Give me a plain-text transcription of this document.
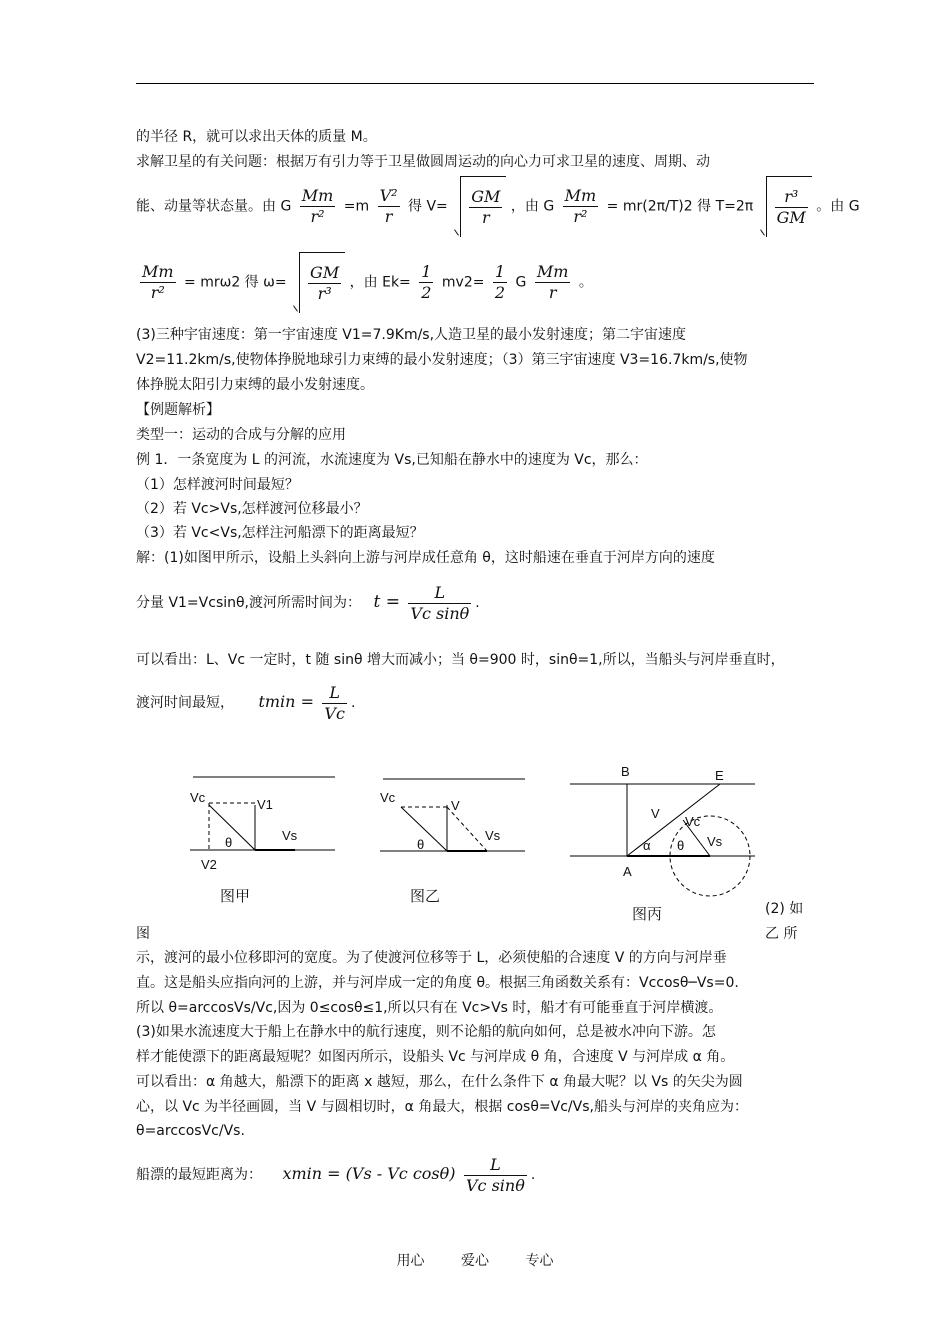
的半径 R，就可以求出天体的质量 M。
求解卫星的有关问题：根据万有引力等于卫星做圆周运动的向心力可求卫星的速度、周期、动
能、动量等状态量。由 G $\frac{Mm}{\text{r²}} =m \frac{\text{V²}}{r}$ 得 $V= \frac{GM}{r}$ ，由 G $\frac{Mm}{\text{r²}} = mr(2\pi/T)2$ 得 $T=2\pi \frac{\text{r³}}{GM}$ 。由 G
$\frac{Mm}{\text{r²}} = mr\omega 2$ 得 $\omega= \frac{GM}{\text{r³}}$ ，由 $Ek= \frac{1}{2} mv2= \frac{1}{2}$ G $\frac{Mm}{r}$ 。
(3)三种宇宙速度：第一宇宙速度 V1=7.9Km/s,人造卫星的最小发射速度；第二宇宙速度
V2=11.2km/s,使物体挣脱地球引力束缚的最小发射速度；（3）第三宇宙速度 V3=16.7km/s,使物
体挣脱太阳引力束缚的最小发射速度。
【例题解析】
类型一：运动的合成与分解的应用
例 1．一条宽度为 L 的河流，水流速度为 Vs,已知船在静水中的速度为 Vc，那么：
（1）怎样渡河时间最短？
（2）若 Vc>Vs,怎样渡河位移最小？
（3）若 Vc<Vs,怎样注河船漂下的距离最短？
解：(1)如图甲所示，设船上头斜向上游与河岸成任意角 θ，这时船速在垂直于河岸方向的速度
分量 V1=Vcsinθ,渡河所需时间为： $t = \frac{L}{\text{Vc sinθ}}$ .
可以看出：L、Vc 一定时，t 随 sinθ 增大而减小；当 θ=900 时，sinθ=1,所以，当船头与河岸垂直时，
渡河时间最短， $tmin = \frac{L}{Vc}$ .
Vc	V1
θ	Vs
V2
图甲
Vc
V
θ
Vs
图乙
B	E
V
Vc
α θ Vs
A
图丙	(2) 如
乙 所
图
示，渡河的最小位移即河的宽度。为了使渡河位移等于 L，必须使船的合速度 V 的方向与河岸垂
直。这是船头应指向河的上游，并与河岸成一定的角度 θ。根据三角函数关系有：Vccosθ─Vs=0.
所以 θ=arccosVs/Vc,因为 0≤cosθ≤1,所以只有在 Vc>Vs 时，船才有可能垂直于河岸横渡。
(3)如果水流速度大于船上在静水中的航行速度，则不论船的航向如何，总是被水冲向下游。怎
样才能使漂下的距离最短呢？如图丙所示，设船头 Vc 与河岸成 θ 角，合速度 V 与河岸成 α 角。
可以看出：α 角越大，船漂下的距离 x 越短，那么，在什么条件下 α 角最大呢？以 Vs 的矢尖为圆
心，以 Vc 为半径画圆，当 V 与圆相切时，α 角最大，根据 cosθ=Vc/Vs,船头与河岸的夹角应为：
θ=arccosVc/Vs.
船漂的最短距离为： xmin = (Vs - Vc $\cos\theta) \frac{L}{\text{Vc sinθ}}$ .
用心	爱心	专心
